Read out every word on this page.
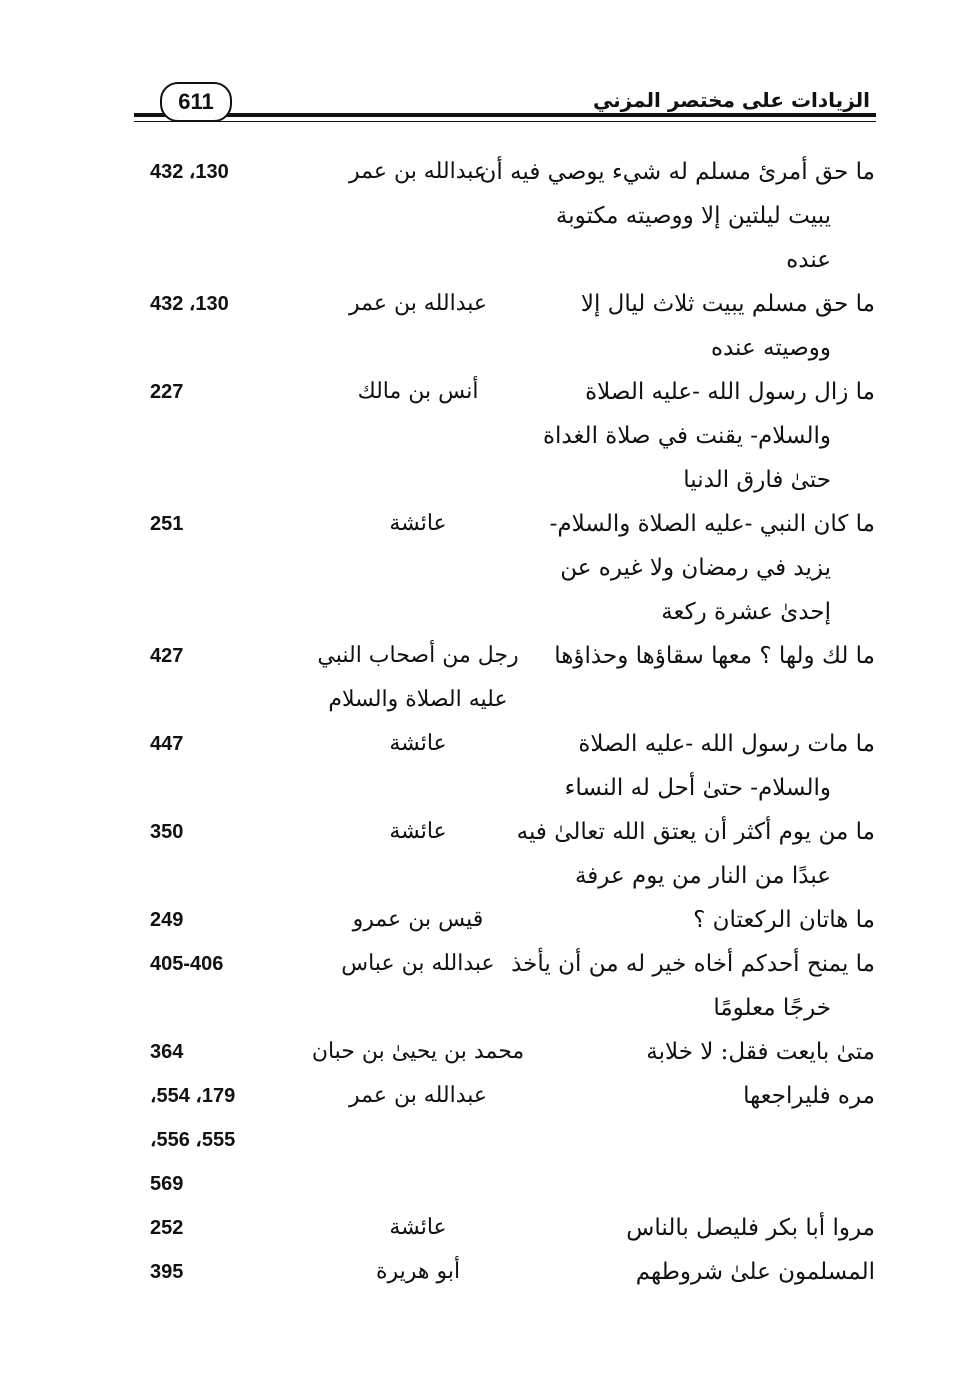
الزيادات على مختصر المزني
611
ما حق أمرئ مسلم له شيء يوصي فيه أن
يبيت ليلتين إلا ووصيته مكتوبة
عنده
عبدالله بن عمر
130، 432
ما حق مسلم يبيت ثلاث ليال إلا
ووصيته عنده
عبدالله بن عمر
130، 432
ما زال رسول الله -عليه الصلاة
والسلام- يقنت في صلاة الغداة
حتىٰ فارق الدنيا
أنس بن مالك
227
ما كان النبي -عليه الصلاة والسلام-
يزيد في رمضان ولا غيره عن
إحدىٰ عشرة ركعة
عائشة
251
ما لك ولها ؟ معها سقاؤها وحذاؤها
رجل من أصحاب النبي
عليه الصلاة والسلام
427
ما مات رسول الله -عليه الصلاة
والسلام- حتىٰ أحل له النساء
عائشة
447
ما من يوم أكثر أن يعتق الله تعالىٰ فيه
عبدًا من النار من يوم عرفة
عائشة
350
ما هاتان الركعتان ؟
قيس بن عمرو
249
ما يمنح أحدكم أخاه خير له من أن يأخذ
خرجًا معلومًا
عبدالله بن عباس
405-406
متىٰ بايعت فقل: لا خلابة
محمد بن يحيىٰ بن حبان
364
مره فليراجعها
عبدالله بن عمر
179، 554،
555، 556،
569
مروا أبا بكر فليصل بالناس
عائشة
252
المسلمون علىٰ شروطهم
أبو هريرة
395
